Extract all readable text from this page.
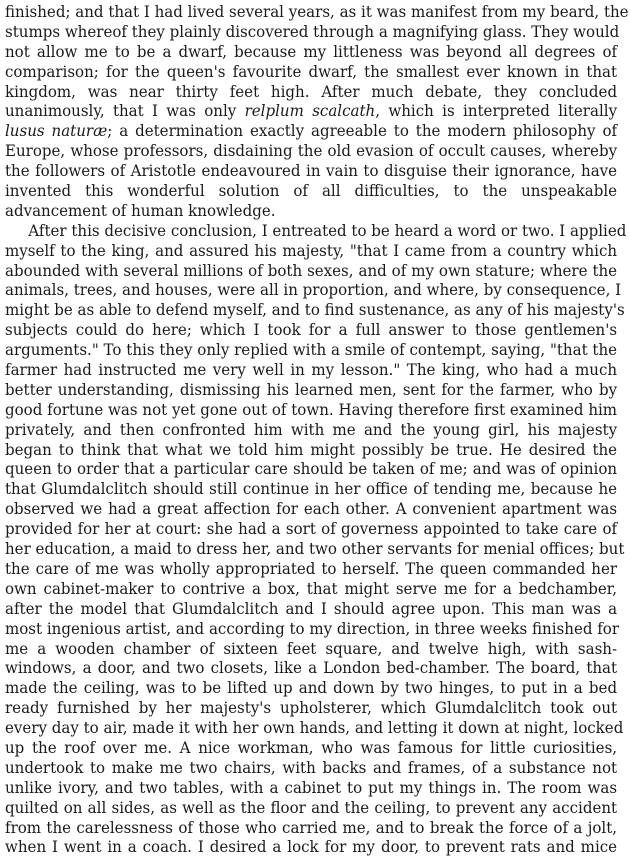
finished; and that I had lived several years, as it was manifest from my beard, the
stumps whereof they plainly discovered through a magnifying glass. They would
not allow me to be a dwarf, because my littleness was beyond all degrees of
comparison; for the queen's favourite dwarf, the smallest ever known in that
kingdom, was near thirty feet high. After much debate, they concluded
unanimously, that I was only relplum scalcath, which is interpreted literally
lusus naturæ; a determination exactly agreeable to the modern philosophy of
Europe, whose professors, disdaining the old evasion of occult causes, whereby
the followers of Aristotle endeavoured in vain to disguise their ignorance, have
invented this wonderful solution of all difficulties, to the unspeakable
advancement of human knowledge.
After this decisive conclusion, I entreated to be heard a word or two. I applied
myself to the king, and assured his majesty, "that I came from a country which
abounded with several millions of both sexes, and of my own stature; where the
animals, trees, and houses, were all in proportion, and where, by consequence, I
might be as able to defend myself, and to find sustenance, as any of his majesty's
subjects could do here; which I took for a full answer to those gentlemen's
arguments." To this they only replied with a smile of contempt, saying, "that the
farmer had instructed me very well in my lesson." The king, who had a much
better understanding, dismissing his learned men, sent for the farmer, who by
good fortune was not yet gone out of town. Having therefore first examined him
privately, and then confronted him with me and the young girl, his majesty
began to think that what we told him might possibly be true. He desired the
queen to order that a particular care should be taken of me; and was of opinion
that Glumdalclitch should still continue in her office of tending me, because he
observed we had a great affection for each other. A convenient apartment was
provided for her at court: she had a sort of governess appointed to take care of
her education, a maid to dress her, and two other servants for menial offices; but
the care of me was wholly appropriated to herself. The queen commanded her
own cabinet-maker to contrive a box, that might serve me for a bedchamber,
after the model that Glumdalclitch and I should agree upon. This man was a
most ingenious artist, and according to my direction, in three weeks finished for
me a wooden chamber of sixteen feet square, and twelve high, with sash-
windows, a door, and two closets, like a London bed-chamber. The board, that
made the ceiling, was to be lifted up and down by two hinges, to put in a bed
ready furnished by her majesty's upholsterer, which Glumdalclitch took out
every day to air, made it with her own hands, and letting it down at night, locked
up the roof over me. A nice workman, who was famous for little curiosities,
undertook to make me two chairs, with backs and frames, of a substance not
unlike ivory, and two tables, with a cabinet to put my things in. The room was
quilted on all sides, as well as the floor and the ceiling, to prevent any accident
from the carelessness of those who carried me, and to break the force of a jolt,
when I went in a coach. I desired a lock for my door, to prevent rats and mice
